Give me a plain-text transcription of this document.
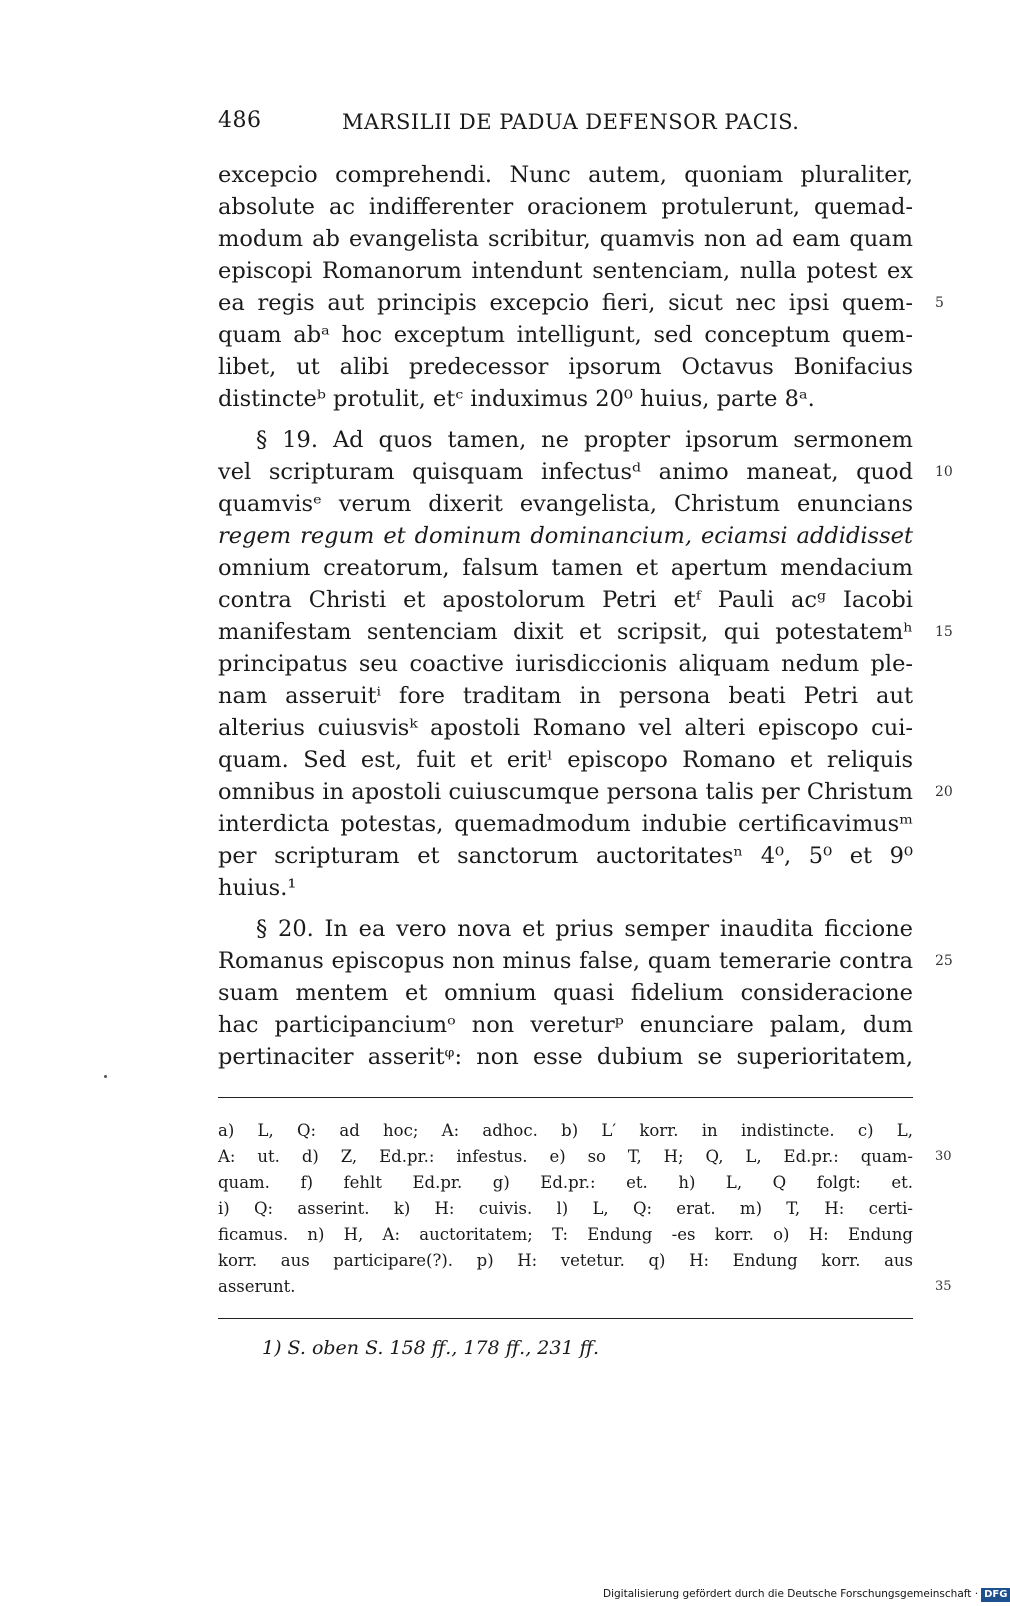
486	MARSILII DE PADUA DEFENSOR PACIS.
excepcio comprehendi. Nunc autem, quoniam pluraliter,
absolute ac indifferenter oracionem protulerunt, quemad-
modum ab evangelista scribitur, quamvis non ad eam quam
episcopi Romanorum intendunt sentenciam, nulla potest ex
ea regis aut principis excepcio fieri, sicut nec ipsi quem-
quam abᵃ hoc exceptum intelligunt, sed conceptum quem-
libet, ut alibi predecessor ipsorum Octavus Bonifacius
distincteᵇ protulit, etᶜ induximus 20⁰ huius, parte 8ᵃ.
§ 19. Ad quos tamen, ne propter ipsorum sermonem
vel scripturam quisquam infectusᵈ animo maneat, quod
quamvisᵉ verum dixerit evangelista, Christum enuncians
regem regum et dominum dominancium, eciamsi addidisset
omnium creatorum, falsum tamen et apertum mendacium
contra Christi et apostolorum Petri etᶠ Pauli acᵍ Iacobi
manifestam sentenciam dixit et scripsit, qui potestatemʰ
principatus seu coactive iurisdiccionis aliquam nedum ple-
nam asseruitⁱ fore traditam in persona beati Petri aut
alterius cuiusvisᵏ apostoli Romano vel alteri episcopo cui-
quam. Sed est, fuit et eritˡ episcopo Romano et reliquis
omnibus in apostoli cuiuscumque persona talis per Christum
interdicta potestas, quemadmodum indubie certificavimusᵐ
per scripturam et sanctorum auctoritatesⁿ 4⁰, 5⁰ et 9⁰
huius.¹
§ 20. In ea vero nova et prius semper inaudita ficcione
Romanus episcopus non minus false, quam temerarie contra
suam mentem et omnium quasi fidelium consideracione
hac participanciumᵒ non vereturᵖ enunciare palam, dum
pertinaciter asseritᵠ: non esse dubium se superioritatem,
5
10
15
20
25
a) L, Q: ad hoc; A: adhoc. b) L′ korr. in indistincte. c) L,
A: ut. d) Z, Ed.pr.: infestus. e) so T, H; Q, L, Ed.pr.: quam-
quam. f) fehlt Ed.pr. g) Ed.pr.: et. h) L, Q folgt: et.
i) Q: asserint. k) H: cuivis. l) L, Q: erat. m) T, H: certi-
ficamus. n) H, A: auctoritatem; T: Endung -es korr. o) H: Endung
korr. aus participare(?). p) H: vetetur. q) H: Endung korr. aus
asserunt.
30
35
1) S. oben S. 158 ff., 178 ff., 231 ff.
Digitalisierung gefördert durch die Deutsche Forschungsgemeinschaft · DFG
